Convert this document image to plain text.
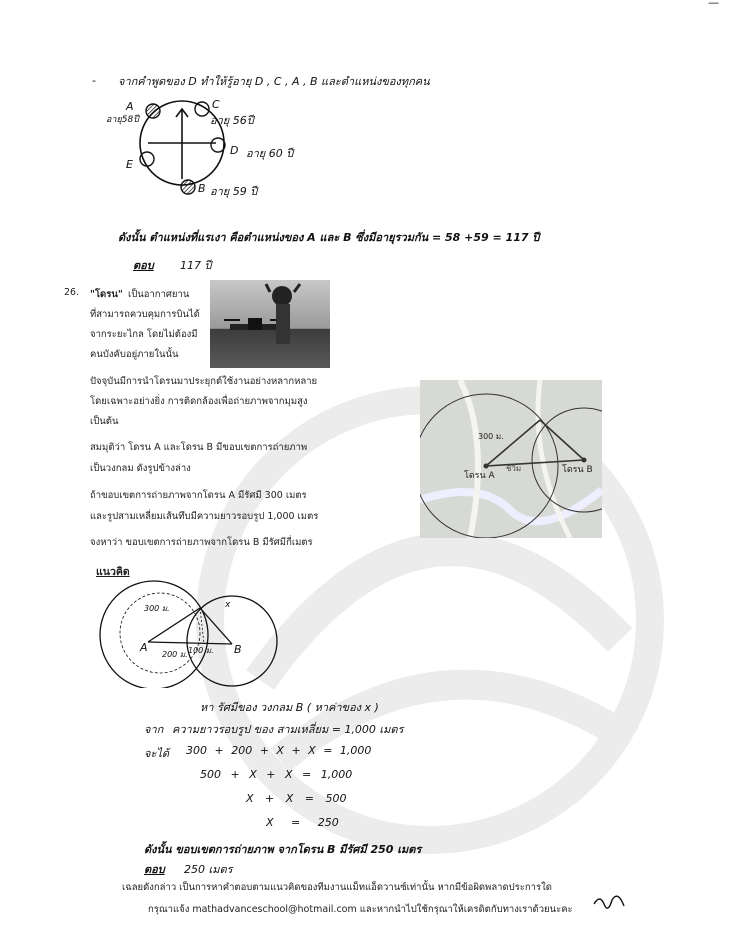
—
- จากคำพูดของ D ทำให้รู้อายุ D , C , A , B และตำแหน่งของทุกคน
A
อายุ58ปี
C
อายุ 56ปี
D อายุ 60 ปี
E
B อายุ 59 ปี
ดังนั้น ตำแหน่งที่แรเงา คือตำแหน่งของ A และ B ซึ่งมีอายุรวมกัน = 58 +59 = 117 ปี
ตอบ 117 ปี
26. "โดรน" เป็นอากาศยาน
ที่สามารถควบคุมการบินได้
จากระยะไกล โดยไม่ต้องมี
คนบังคับอยู่ภายในนั้น
ปัจจุบันมีการนำโดรนมาประยุกต์ใช้งานอย่างหลากหลาย
โดยเฉพาะอย่างยิ่ง การติดกล้องเพื่อถ่ายภาพจากมุมสูง
เป็นต้น
สมมุติว่า โดรน A และโดรน B มีขอบเขตการถ่ายภาพ
เป็นวงกลม ดังรูปข้างล่าง
ถ้าขอบเขตการถ่ายภาพจากโดรน A มีรัศมี 300 เมตร
และรูปสามเหลี่ยมเส้นทึบมีความยาวรอบรูป 1,000 เมตร
จงหาว่า ขอบเขตการถ่ายภาพจากโดรน B มีรัศมีกี่เมตร
300 ม.
โดรน A
โดรน B
ชีวิม
แนวคิด
300 ม.	x
A	B
200 ม. 100 ม.
หา รัศมีของ วงกลม B ( หาค่าของ x )
จาก ความยาวรอบรูป ของ สามเหลี่ยม = 1,000 เมตร
จะได้ 300 + 200 + X + X = 1,000
500 + X + X = 1,000
X + X = 500
X = 250
ดังนั้น ขอบเขตการถ่ายภาพ จากโดรน B มีรัศมี 250 เมตร
ตอบ 250 เมตร
เฉลยดังกล่าว เป็นการหาคำตอบตามแนวคิดของทีมงานแม็ทแอ็ดวานซ์เท่านั้น หากมีข้อผิดพลาดประการใด
กรุณาแจ้ง mathadvanceschool@hotmail.com และหากนำไปใช้กรุณาให้เครดิตกับทางเราด้วยนะคะ
